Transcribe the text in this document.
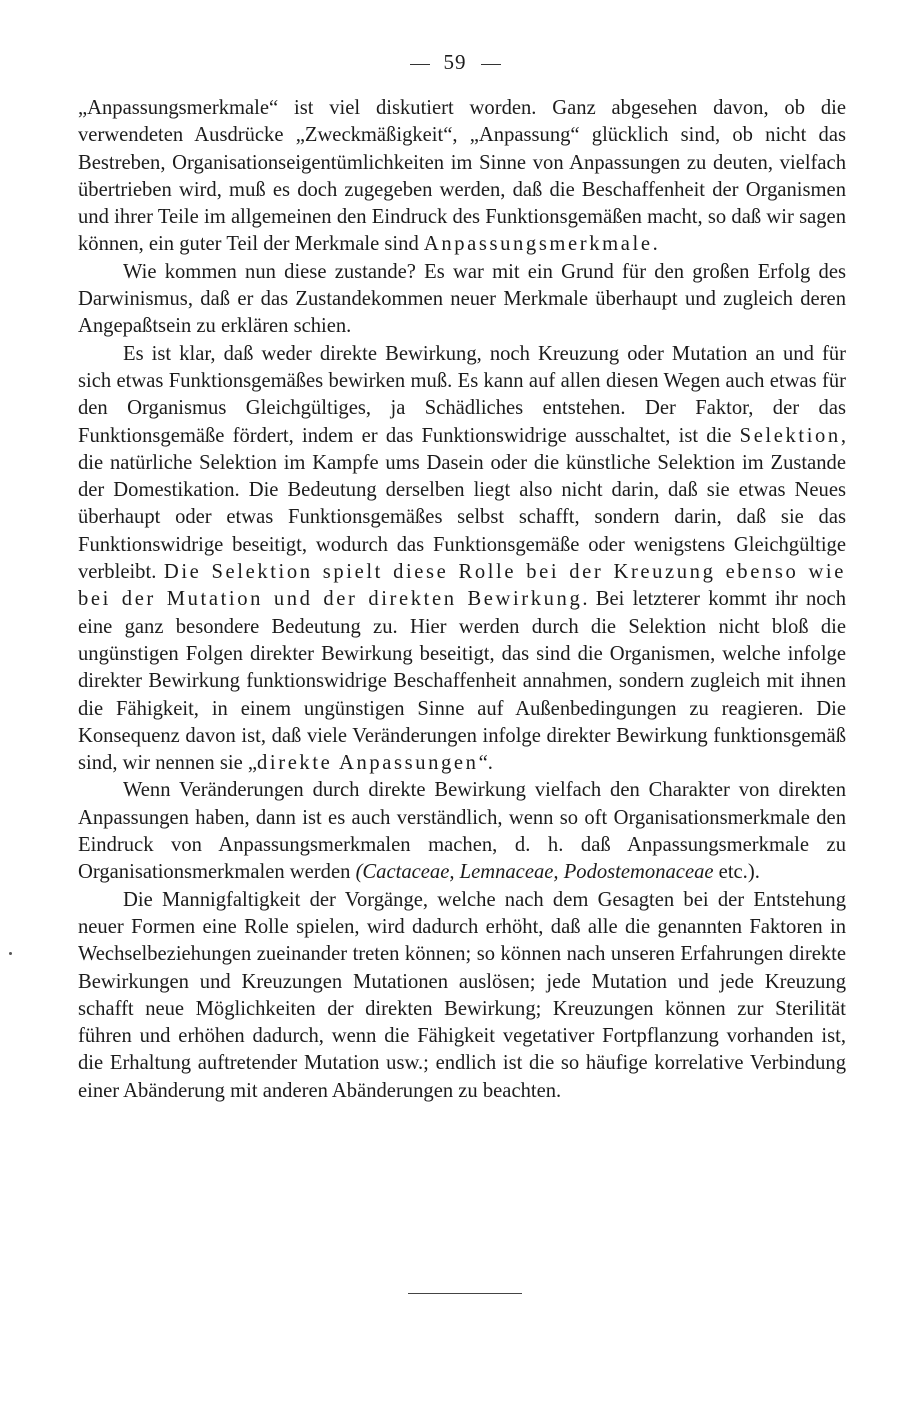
59

„Anpassungsmerkmale“ ist viel diskutiert worden. Ganz abgesehen davon, ob die verwendeten Ausdrücke „Zweckmäßigkeit“, „Anpassung“ glücklich sind, ob nicht das Bestreben, Organisationseigentümlichkeiten im Sinne von Anpassungen zu deuten, vielfach übertrieben wird, muß es doch zugegeben werden, daß die Beschaffenheit der Organismen und ihrer Teile im allgemeinen den Eindruck des Funktionsgemäßen macht, so daß wir sagen können, ein guter Teil der Merkmale sind Anpassungsmerkmale.

Wie kommen nun diese zustande? Es war mit ein Grund für den großen Erfolg des Darwinismus, daß er das Zustandekommen neuer Merkmale überhaupt und zugleich deren Angepaßtsein zu erklären schien.

Es ist klar, daß weder direkte Bewirkung, noch Kreuzung oder Mutation an und für sich etwas Funktionsgemäßes bewirken muß. Es kann auf allen diesen Wegen auch etwas für den Organismus Gleichgültiges, ja Schädliches entstehen. Der Faktor, der das Funktionsgemäße fördert, indem er das Funktionswidrige ausschaltet, ist die Selektion, die natürliche Selektion im Kampfe ums Dasein oder die künstliche Selektion im Zustande der Domestikation. Die Bedeutung derselben liegt also nicht darin, daß sie etwas Neues überhaupt oder etwas Funktionsgemäßes selbst schafft, sondern darin, daß sie das Funktionswidrige beseitigt, wodurch das Funktionsgemäße oder wenigstens Gleichgültige verbleibt. Die Selektion spielt diese Rolle bei der Kreuzung ebenso wie bei der Mutation und der direkten Bewirkung. Bei letzterer kommt ihr noch eine ganz besondere Bedeutung zu. Hier werden durch die Selektion nicht bloß die ungünstigen Folgen direkter Bewirkung beseitigt, das sind die Organismen, welche infolge direkter Bewirkung funktionswidrige Beschaffenheit annahmen, sondern zugleich mit ihnen die Fähigkeit, in einem ungünstigen Sinne auf Außenbedingungen zu reagieren. Die Konsequenz davon ist, daß viele Veränderungen infolge direkter Bewirkung funktionsgemäß sind, wir nennen sie „direkte Anpassungen“.

Wenn Veränderungen durch direkte Bewirkung vielfach den Charakter von direkten Anpassungen haben, dann ist es auch verständlich, wenn so oft Organisationsmerkmale den Eindruck von Anpassungsmerkmalen machen, d. h. daß Anpassungsmerkmale zu Organisationsmerkmalen werden (Cactaceae, Lemnaceae, Podostemonaceae etc.).

Die Mannigfaltigkeit der Vorgänge, welche nach dem Gesagten bei der Entstehung neuer Formen eine Rolle spielen, wird dadurch erhöht, daß alle die genannten Faktoren in Wechselbeziehungen zueinander treten können; so können nach unseren Erfahrungen direkte Bewirkungen und Kreuzungen Mutationen auslösen; jede Mutation und jede Kreuzung schafft neue Möglichkeiten der direkten Bewirkung; Kreuzungen können zur Sterilität führen und erhöhen dadurch, wenn die Fähigkeit vegetativer Fortpflanzung vorhanden ist, die Erhaltung auftretender Mutation usw.; endlich ist die so häufige korrelative Verbindung einer Abänderung mit anderen Abänderungen zu beachten.
